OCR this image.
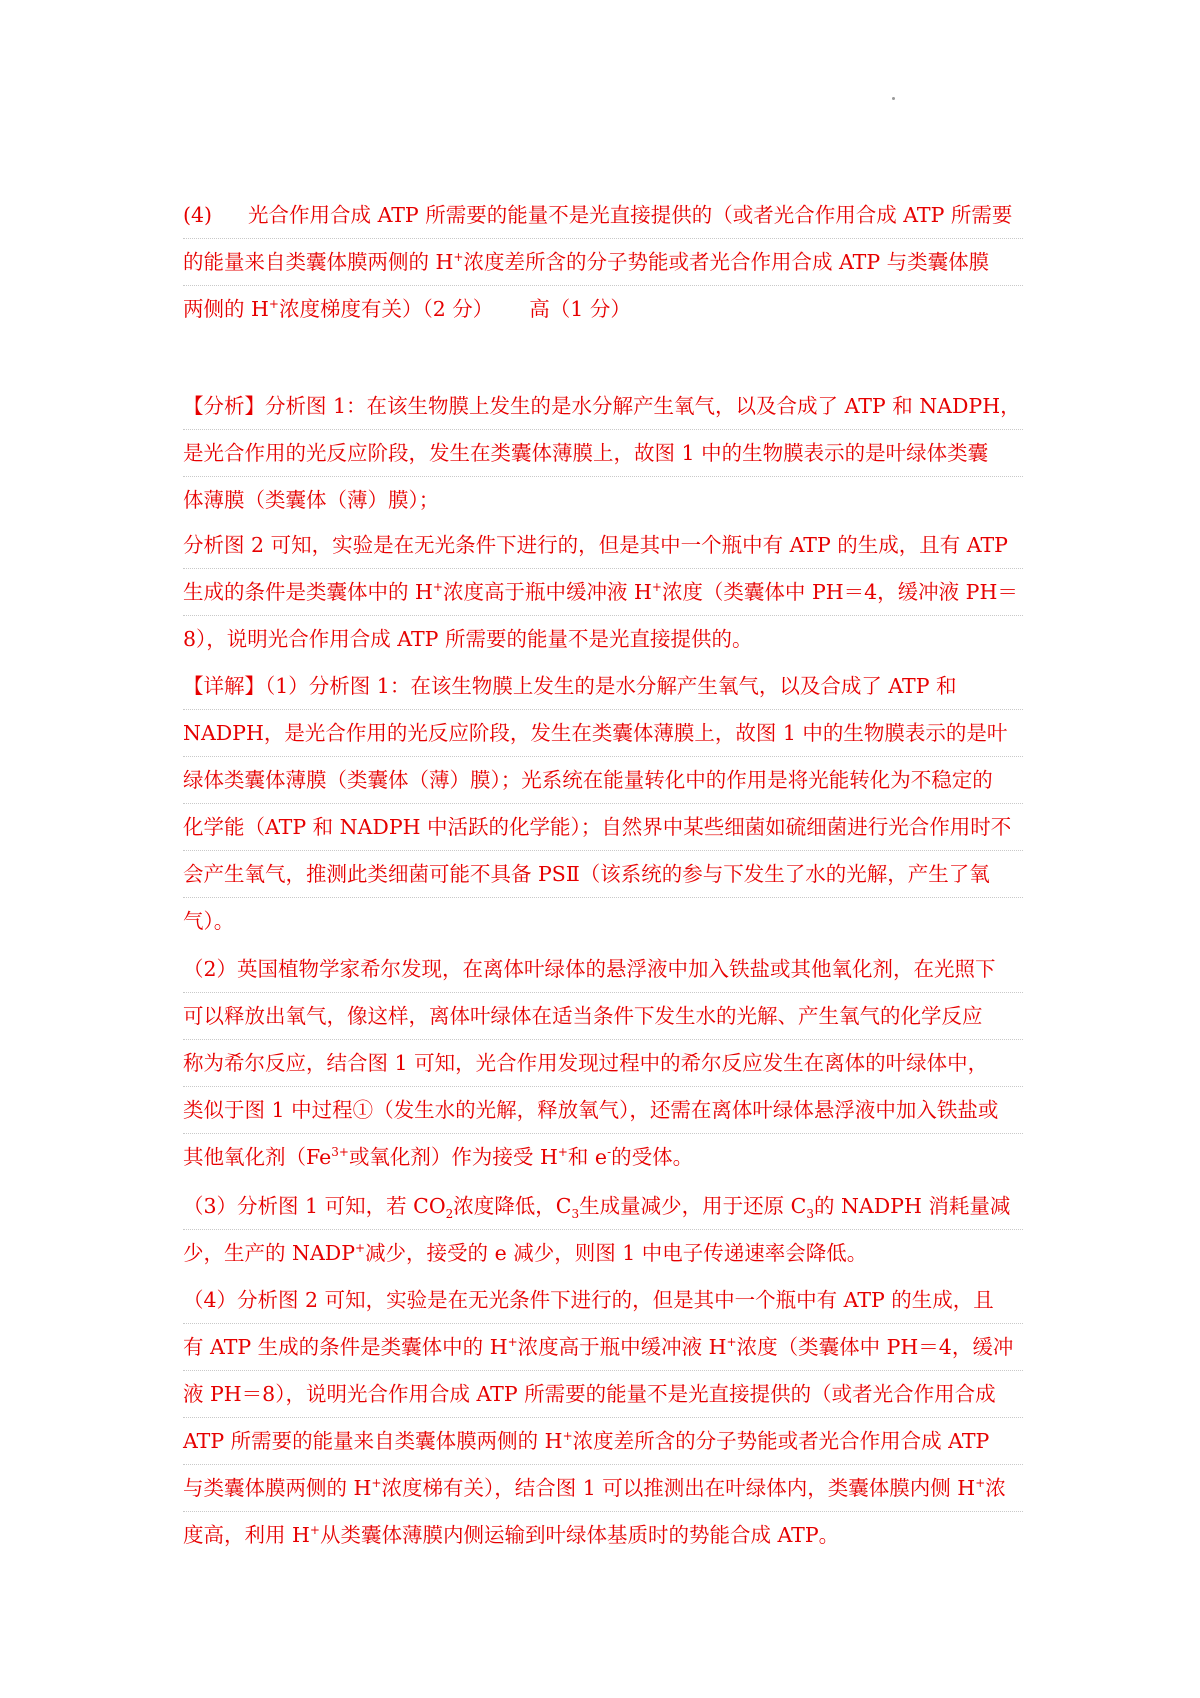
(4) 光合作用合成 ATP 所需要的能量不是光直接提供的（或者光合作用合成 ATP 所需要
的能量来自类囊体膜两侧的 H+浓度差所含的分子势能或者光合作用合成 ATP 与类囊体膜
两侧的 H+浓度梯度有关）（2 分） 高（1 分）
【分析】分析图 1：在该生物膜上发生的是水分解产生氧气，以及合成了 ATP 和 NADPH，
是光合作用的光反应阶段，发生在类囊体薄膜上，故图 1 中的生物膜表示的是叶绿体类囊
体薄膜（类囊体（薄）膜）；
分析图 2 可知，实验是在无光条件下进行的，但是其中一个瓶中有 ATP 的生成，且有 ATP
生成的条件是类囊体中的 H+浓度高于瓶中缓冲液 H+浓度（类囊体中 PH＝4，缓冲液 PH＝
8），说明光合作用合成 ATP 所需要的能量不是光直接提供的。
【详解】（1）分析图 1：在该生物膜上发生的是水分解产生氧气，以及合成了 ATP 和
NADPH，是光合作用的光反应阶段，发生在类囊体薄膜上，故图 1 中的生物膜表示的是叶
绿体类囊体薄膜（类囊体（薄）膜）；光系统在能量转化中的作用是将光能转化为不稳定的
化学能（ATP 和 NADPH 中活跃的化学能）；自然界中某些细菌如硫细菌进行光合作用时不
会产生氧气，推测此类细菌可能不具备 PSⅡ（该系统的参与下发生了水的光解，产生了氧
气）。
（2）英国植物学家希尔发现，在离体叶绿体的悬浮液中加入铁盐或其他氧化剂，在光照下
可以释放出氧气，像这样，离体叶绿体在适当条件下发生水的光解、产生氧气的化学反应
称为希尔反应，结合图 1 可知，光合作用发现过程中的希尔反应发生在离体的叶绿体中，
类似于图 1 中过程①（发生水的光解，释放氧气），还需在离体叶绿体悬浮液中加入铁盐或
其他氧化剂（$Fe^{3+}$或氧化剂）作为接受 H+和 e-的受体。
（3）分析图 1 可知，若 $CO_2$浓度降低，$C_3$生成量减少，用于还原 $C_3$的 NADPH 消耗量减
少，生产的 NADP+减少，接受的 e 减少，则图 1 中电子传递速率会降低。
（4）分析图 2 可知，实验是在无光条件下进行的，但是其中一个瓶中有 ATP 的生成，且
有 ATP 生成的条件是类囊体中的 H+浓度高于瓶中缓冲液 H+浓度（类囊体中 PH＝4，缓冲
液 PH＝8），说明光合作用合成 ATP 所需要的能量不是光直接提供的（或者光合作用合成
ATP 所需要的能量来自类囊体膜两侧的 H+浓度差所含的分子势能或者光合作用合成 ATP
与类囊体膜两侧的 H+浓度梯有关），结合图 1 可以推测出在叶绿体内，类囊体膜内侧 H+浓
度高，利用 H+从类囊体薄膜内侧运输到叶绿体基质时的势能合成 ATP。
